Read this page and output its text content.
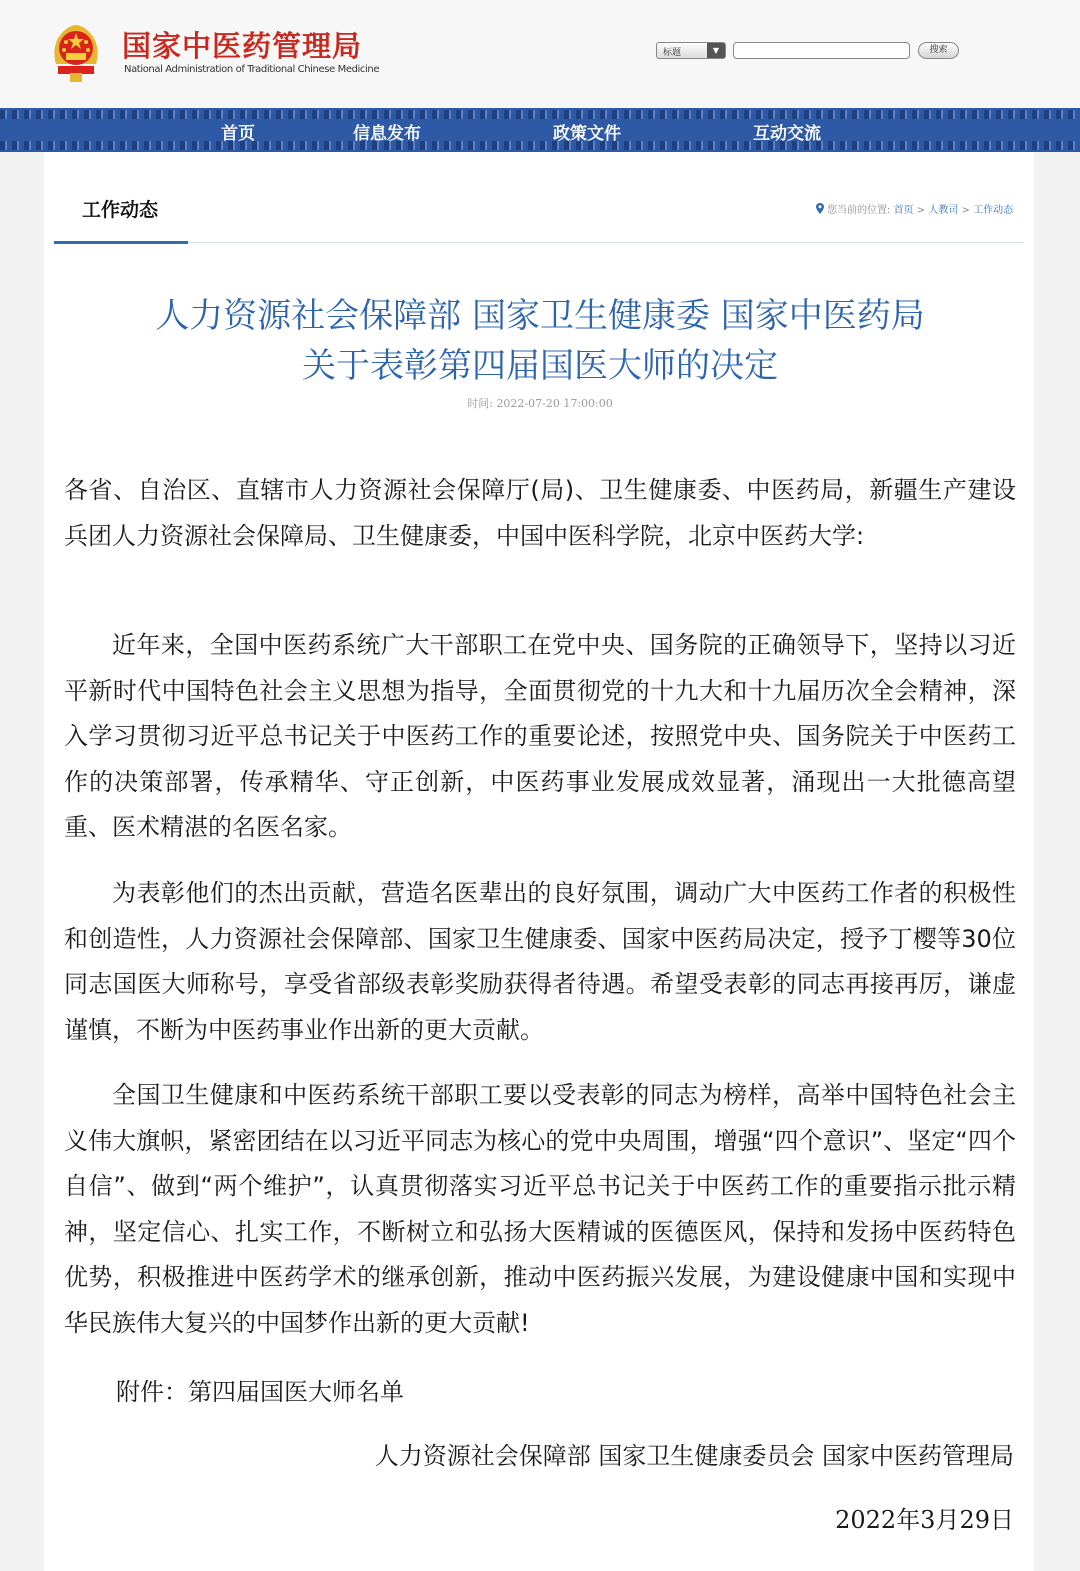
国家中医药管理局
National Administration of Traditional Chinese Medicine
标题	▼	搜索
首页	信息发布	政策文件	互动交流
工作动态	您当前的位置: 首页 > 人教司 > 工作动态
人力资源社会保障部 国家卫生健康委 国家中医药局
关于表彰第四届国医大师的决定
时间: 2022-07-20 17:00:00

各省、自治区、直辖市人力资源社会保障厅(局)、卫生健康委、中医药局，新疆生产建设兵团人力资源社会保障局、卫生健康委，中国中医科学院，北京中医药大学:

近年来，全国中医药系统广大干部职工在党中央、国务院的正确领导下，坚持以习近平新时代中国特色社会主义思想为指导，全面贯彻党的十九大和十九届历次全会精神，深入学习贯彻习近平总书记关于中医药工作的重要论述，按照党中央、国务院关于中医药工作的决策部署，传承精华、守正创新，中医药事业发展成效显著，涌现出一大批德高望重、医术精湛的名医名家。

为表彰他们的杰出贡献，营造名医辈出的良好氛围，调动广大中医药工作者的积极性和创造性，人力资源社会保障部、国家卫生健康委、国家中医药局决定，授予丁樱等30位同志国医大师称号，享受省部级表彰奖励获得者待遇。希望受表彰的同志再接再厉，谦虚谨慎，不断为中医药事业作出新的更大贡献。

全国卫生健康和中医药系统干部职工要以受表彰的同志为榜样，高举中国特色社会主义伟大旗帜，紧密团结在以习近平同志为核心的党中央周围，增强“四个意识”、坚定“四个自信”、做到“两个维护”，认真贯彻落实习近平总书记关于中医药工作的重要指示批示精神，坚定信心、扎实工作，不断树立和弘扬大医精诚的医德医风，保持和发扬中医药特色优势，积极推进中医药学术的继承创新，推动中医药振兴发展，为建设健康中国和实现中华民族伟大复兴的中国梦作出新的更大贡献!

附件：第四届国医大师名单
人力资源社会保障部 国家卫生健康委员会 国家中医药管理局
2022年3月29日
